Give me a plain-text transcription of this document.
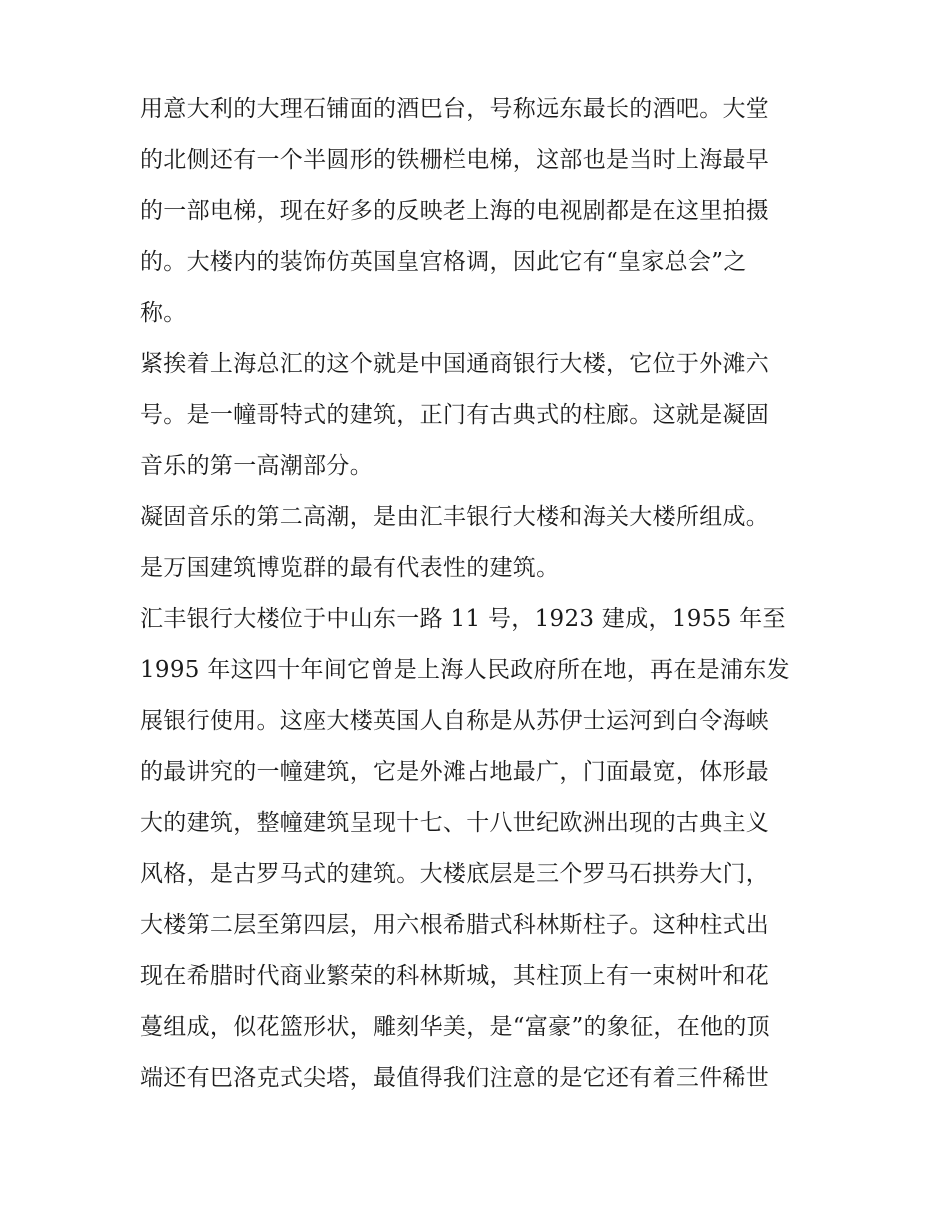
用意大利的大理石铺面的酒巴台，号称远东最长的酒吧。大堂
的北侧还有一个半圆形的铁栅栏电梯，这部也是当时上海最早
的一部电梯，现在好多的反映老上海的电视剧都是在这里拍摄
的。大楼内的装饰仿英国皇宫格调，因此它有“皇家总会”之
称。
紧挨着上海总汇的这个就是中国通商银行大楼，它位于外滩六
号。是一幢哥特式的建筑，正门有古典式的柱廊。这就是凝固
音乐的第一高潮部分。
凝固音乐的第二高潮，是由汇丰银行大楼和海关大楼所组成。
是万国建筑博览群的最有代表性的建筑。
汇丰银行大楼位于中山东一路 11 号，1923 建成，1955 年至
1995 年这四十年间它曾是上海人民政府所在地，再在是浦东发
展银行使用。这座大楼英国人自称是从苏伊士运河到白令海峡
的最讲究的一幢建筑，它是外滩占地最广，门面最宽，体形最
大的建筑，整幢建筑呈现十七、十八世纪欧洲出现的古典主义
风格，是古罗马式的建筑。大楼底层是三个罗马石拱券大门，
大楼第二层至第四层，用六根希腊式科林斯柱子。这种柱式出
现在希腊时代商业繁荣的科林斯城，其柱顶上有一束树叶和花
蔓组成，似花篮形状，雕刻华美，是“富豪”的象征，在他的顶
端还有巴洛克式尖塔，最值得我们注意的是它还有着三件稀世
